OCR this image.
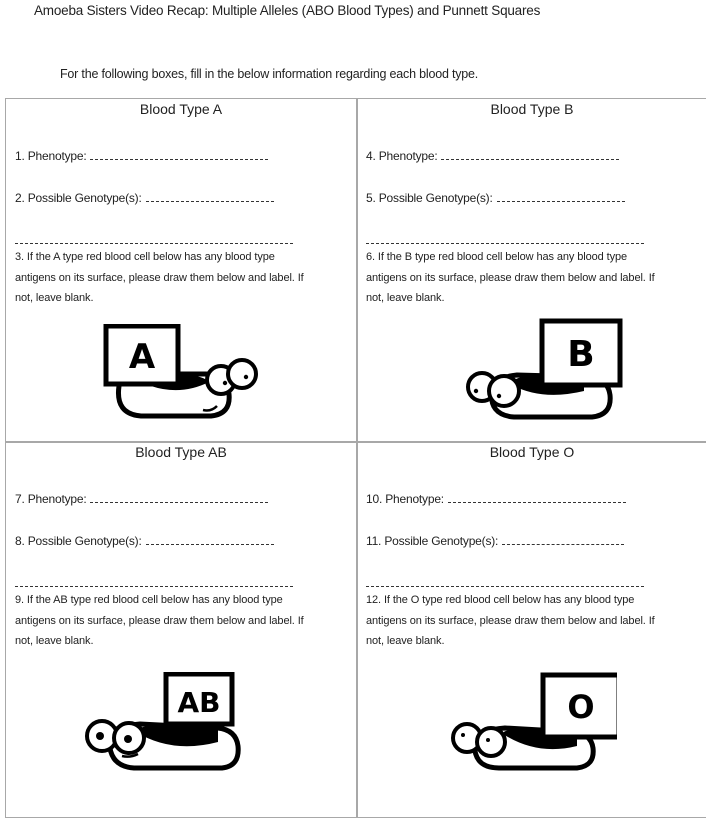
Amoeba Sisters Video Recap: Multiple Alleles (ABO Blood Types) and Punnett Squares
For the following boxes, fill in the below information regarding each blood type.
Blood Type A
1. Phenotype:
2. Possible Genotype(s):
3. If the A type red blood cell below has any blood type antigens on its surface, please draw them below and label. If not, leave blank.
A
Blood Type B
4. Phenotype:
5. Possible Genotype(s):
6. If the B type red blood cell below has any blood type antigens on its surface, please draw them below and label. If not, leave blank.
B
Blood Type AB
7. Phenotype:
8. Possible Genotype(s):
9. If the AB type red blood cell below has any blood type antigens on its surface, please draw them below and label. If not, leave blank.
AB
Blood Type O
10. Phenotype:
11. Possible Genotype(s):
12. If the O type red blood cell below has any blood type antigens on its surface, please draw them below and label. If not, leave blank.
O
